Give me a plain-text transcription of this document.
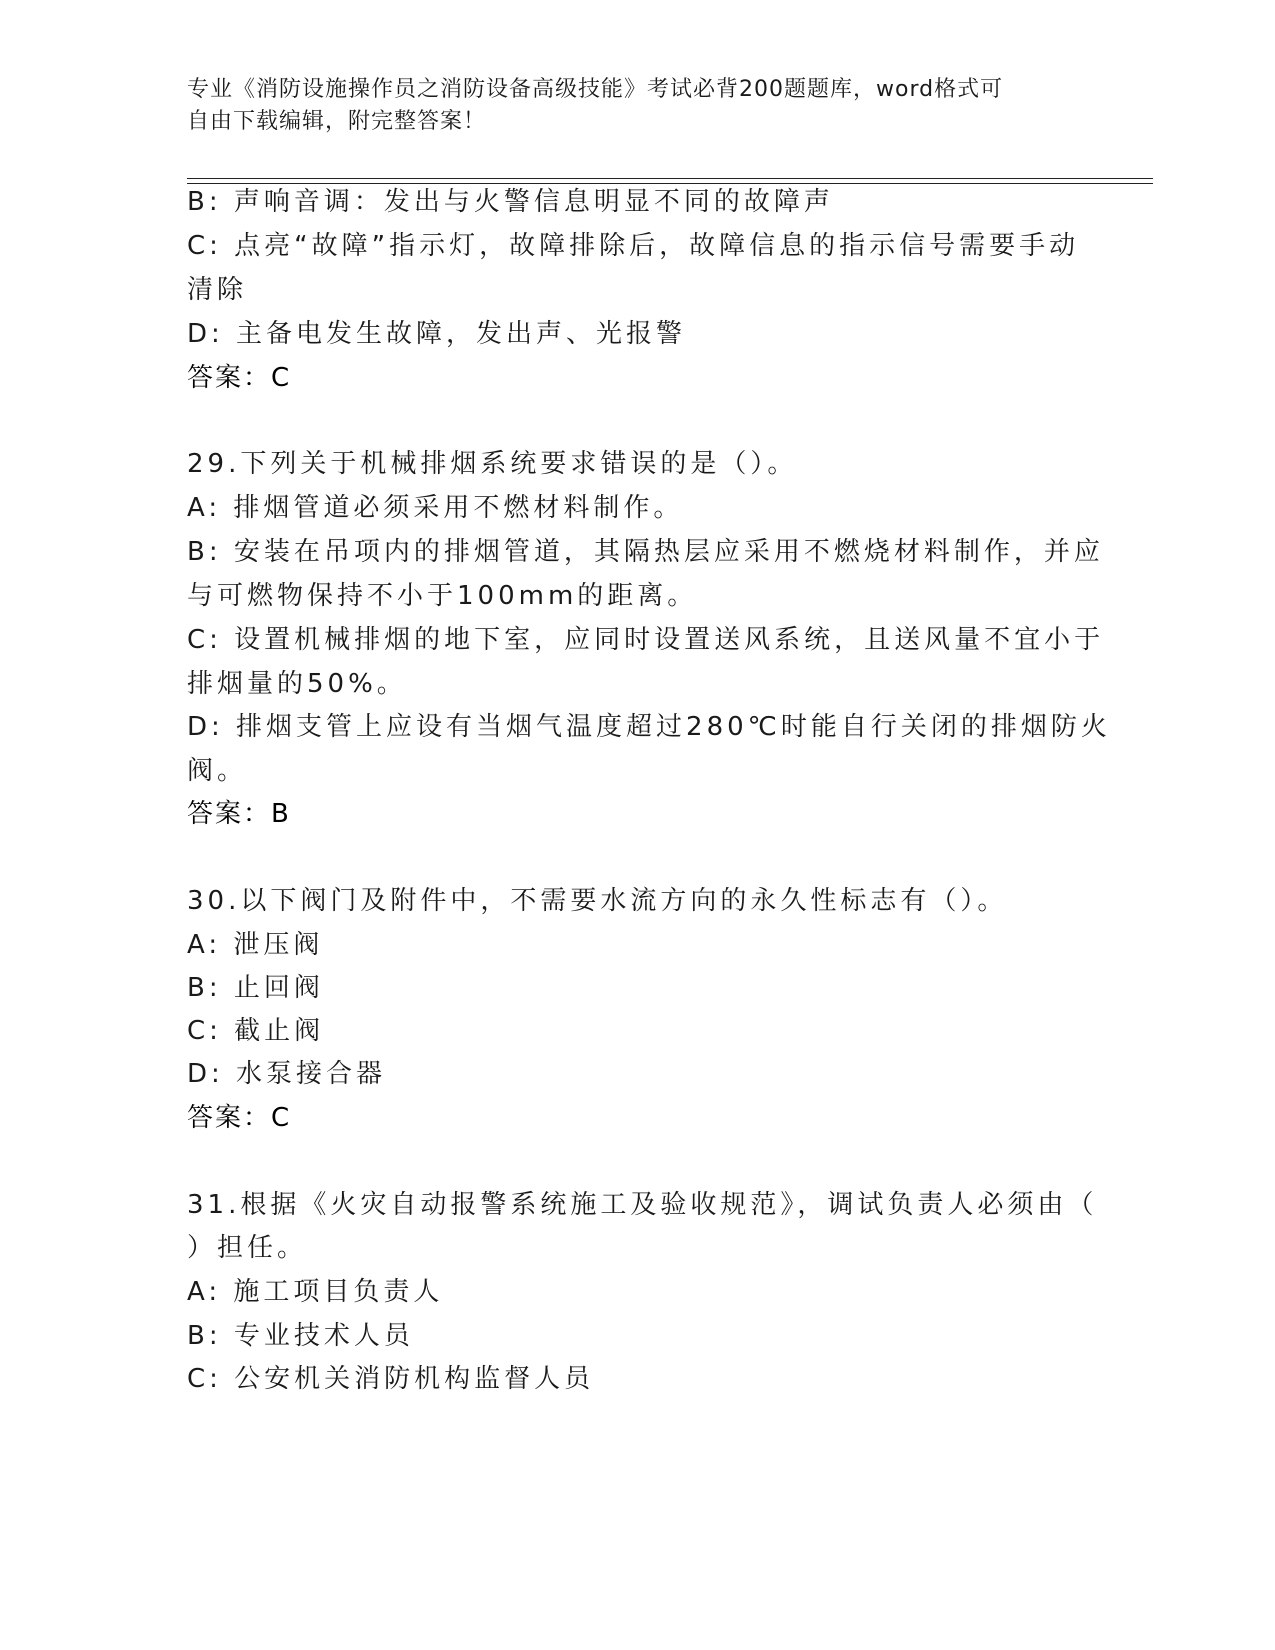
专业《消防设施操作员之消防设备高级技能》考试必背200题题库，word格式可
自由下载编辑，附完整答案！
B: 声响音调：发出与火警信息明显不同的故障声
C: 点亮“故障”指示灯，故障排除后，故障信息的指示信号需要手动
清除
D: 主备电发生故障，发出声、光报警
答案：C
29.下列关于机械排烟系统要求错误的是（）。
A: 排烟管道必须采用不燃材料制作。
B: 安装在吊项内的排烟管道，其隔热层应采用不燃烧材料制作，并应
与可燃物保持不小于100mm的距离。
C: 设置机械排烟的地下室，应同时设置送风系统，且送风量不宜小于
排烟量的50%。
D: 排烟支管上应设有当烟气温度超过280℃时能自行关闭的排烟防火
阀。
答案：B
30.以下阀门及附件中，不需要水流方向的永久性标志有（）。
A: 泄压阀
B: 止回阀
C: 截止阀
D: 水泵接合器
答案：C
31.根据《火灾自动报警系统施工及验收规范》，调试负责人必须由（
）担任。
A: 施工项目负责人
B: 专业技术人员
C: 公安机关消防机构监督人员
